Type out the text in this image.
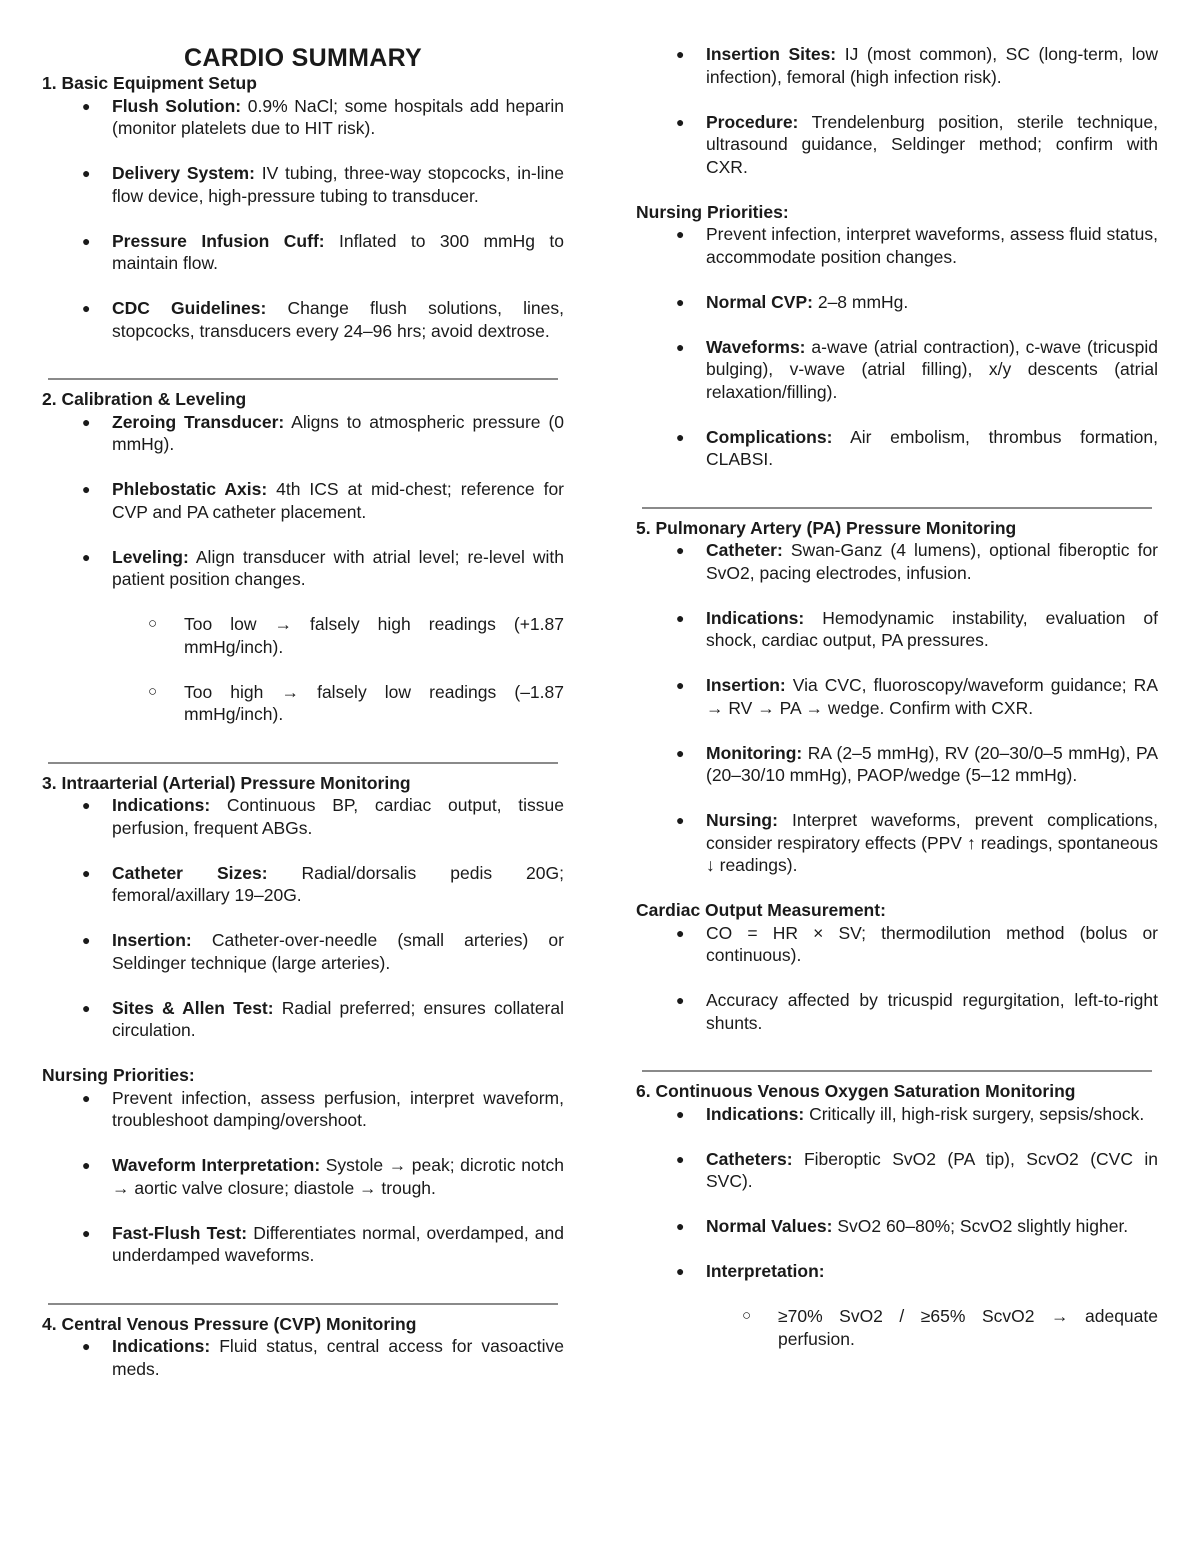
CARDIO SUMMARY

1. Basic Equipment Setup

● Flush Solution: 0.9% NaCl; some hospitals add heparin (monitor platelets due to HIT risk).
● Delivery System: IV tubing, three-way stopcocks, in-line flow device, high-pressure tubing to transducer.
● Pressure Infusion Cuff: Inflated to 300 mmHg to maintain flow.
● CDC Guidelines: Change flush solutions, lines, stopcocks, transducers every 24–96 hrs; avoid dextrose.

2. Calibration & Leveling

● Zeroing Transducer: Aligns to atmospheric pressure (0 mmHg).
● Phlebostatic Axis: 4th ICS at mid-chest; reference for CVP and PA catheter placement.
● Leveling: Align transducer with atrial level; re-level with patient position changes.
○ Too low → falsely high readings (+1.87 mmHg/inch).
○ Too high → falsely low readings (–1.87 mmHg/inch).

3. Intraarterial (Arterial) Pressure Monitoring

● Indications: Continuous BP, cardiac output, tissue perfusion, frequent ABGs.
● Catheter Sizes: Radial/dorsalis pedis 20G; femoral/axillary 19–20G.
● Insertion: Catheter-over-needle (small arteries) or Seldinger technique (large arteries).
● Sites & Allen Test: Radial preferred; ensures collateral circulation.

Nursing Priorities:

● Prevent infection, assess perfusion, interpret waveform, troubleshoot damping/overshoot.
● Waveform Interpretation: Systole → peak; dicrotic notch → aortic valve closure; diastole → trough.
● Fast-Flush Test: Differentiates normal, overdamped, and underdamped waveforms.

4. Central Venous Pressure (CVP) Monitoring

● Indications: Fluid status, central access for vasoactive meds.
● Insertion Sites: IJ (most common), SC (long-term, low infection), femoral (high infection risk).
● Procedure: Trendelenburg position, sterile technique, ultrasound guidance, Seldinger method; confirm with CXR.

Nursing Priorities:

● Prevent infection, interpret waveforms, assess fluid status, accommodate position changes.
● Normal CVP: 2–8 mmHg.
● Waveforms: a-wave (atrial contraction), c-wave (tricuspid bulging), v-wave (atrial filling), x/y descents (atrial relaxation/filling).
● Complications: Air embolism, thrombus formation, CLABSI.

5. Pulmonary Artery (PA) Pressure Monitoring

● Catheter: Swan-Ganz (4 lumens), optional fiberoptic for SvO2, pacing electrodes, infusion.
● Indications: Hemodynamic instability, evaluation of shock, cardiac output, PA pressures.
● Insertion: Via CVC, fluoroscopy/waveform guidance; RA → RV → PA → wedge. Confirm with CXR.
● Monitoring: RA (2–5 mmHg), RV (20–30/0–5 mmHg), PA (20–30/10 mmHg), PAOP/wedge (5–12 mmHg).
● Nursing: Interpret waveforms, prevent complications, consider respiratory effects (PPV ↑ readings, spontaneous ↓ readings).

Cardiac Output Measurement:

● CO = HR × SV; thermodilution method (bolus or continuous).
● Accuracy affected by tricuspid regurgitation, left-to-right shunts.

6. Continuous Venous Oxygen Saturation Monitoring

● Indications: Critically ill, high-risk surgery, sepsis/shock.
● Catheters: Fiberoptic SvO2 (PA tip), ScvO2 (CVC in SVC).
● Normal Values: SvO2 60–80%; ScvO2 slightly higher.
● Interpretation:
○ ≥70% SvO2 / ≥65% ScvO2 → adequate perfusion.
